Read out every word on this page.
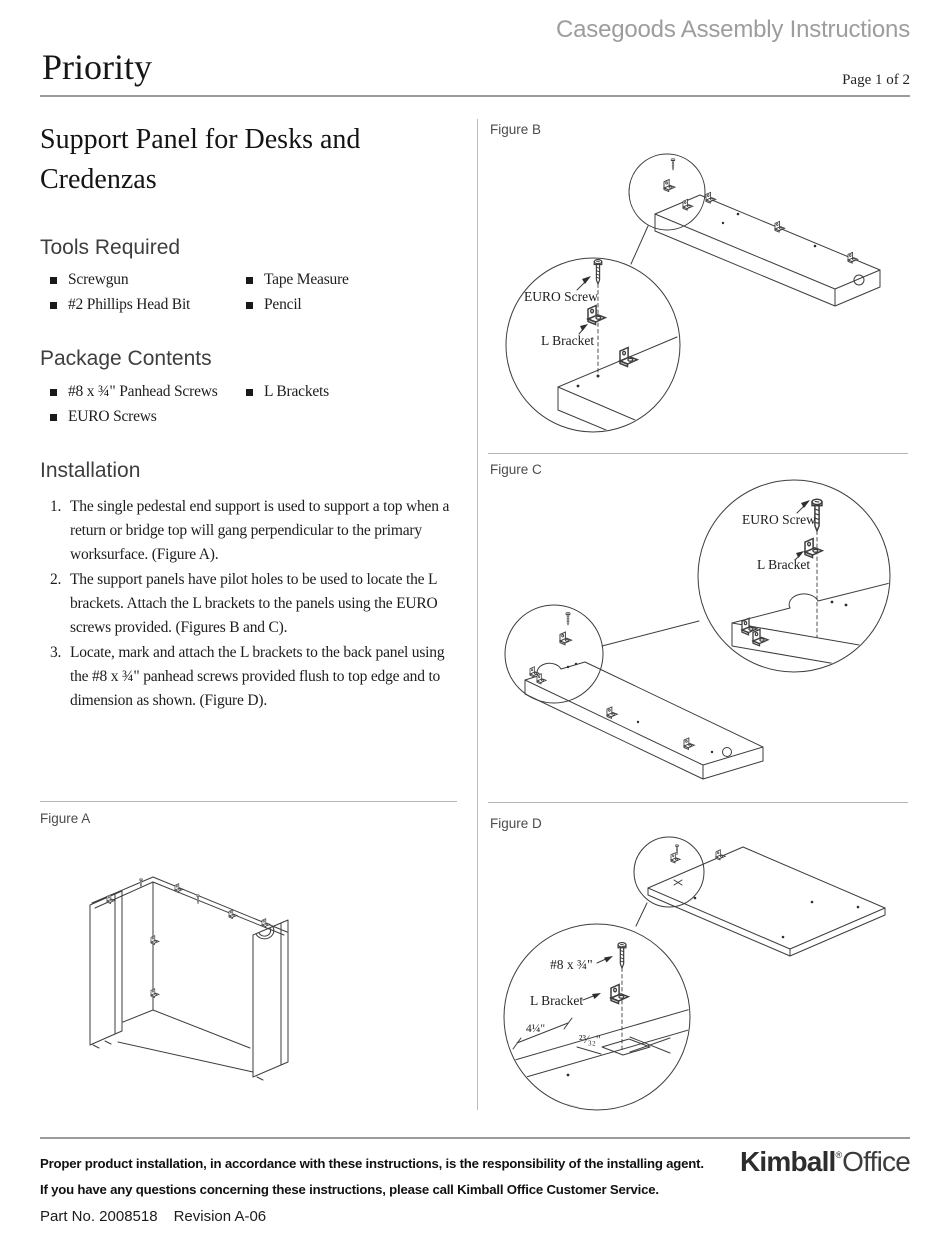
Casegoods Assembly Instructions
Priority	Page 1 of 2
Support Panel for Desks and Credenzas
Tools Required
Screwgun	Tape Measure
#2 Phillips Head Bit	Pencil
Package Contents
#8 x ¾" Panhead Screws	L Brackets
EURO Screws
Installation
1. The single pedestal end support is used to support a top when a return or bridge top will gang perpendicular to the primary worksurface. (Figure A).
2. The support panels have pilot holes to be used to locate the L brackets. Attach the L brackets to the panels using the EURO screws provided. (Figures B and C).
3. Locate, mark and attach the L brackets to the back panel using the #8 x ¾" panhead screws provided flush to top edge and to dimension as shown. (Figure D).
EURO Screw
L Bracket
Figure B
EURO Screw
L Bracket
Figure C
#8 x ¾"
L Bracket
4¼"
²³⁄₃₂"
Figure D
Figure A
Proper product installation, in accordance with these instructions, is the responsibility of the installing agent.
If you have any questions concerning these instructions, please call Kimball Office Customer Service.
Kimball®Office
Part No. 2008518 Revision A-06
